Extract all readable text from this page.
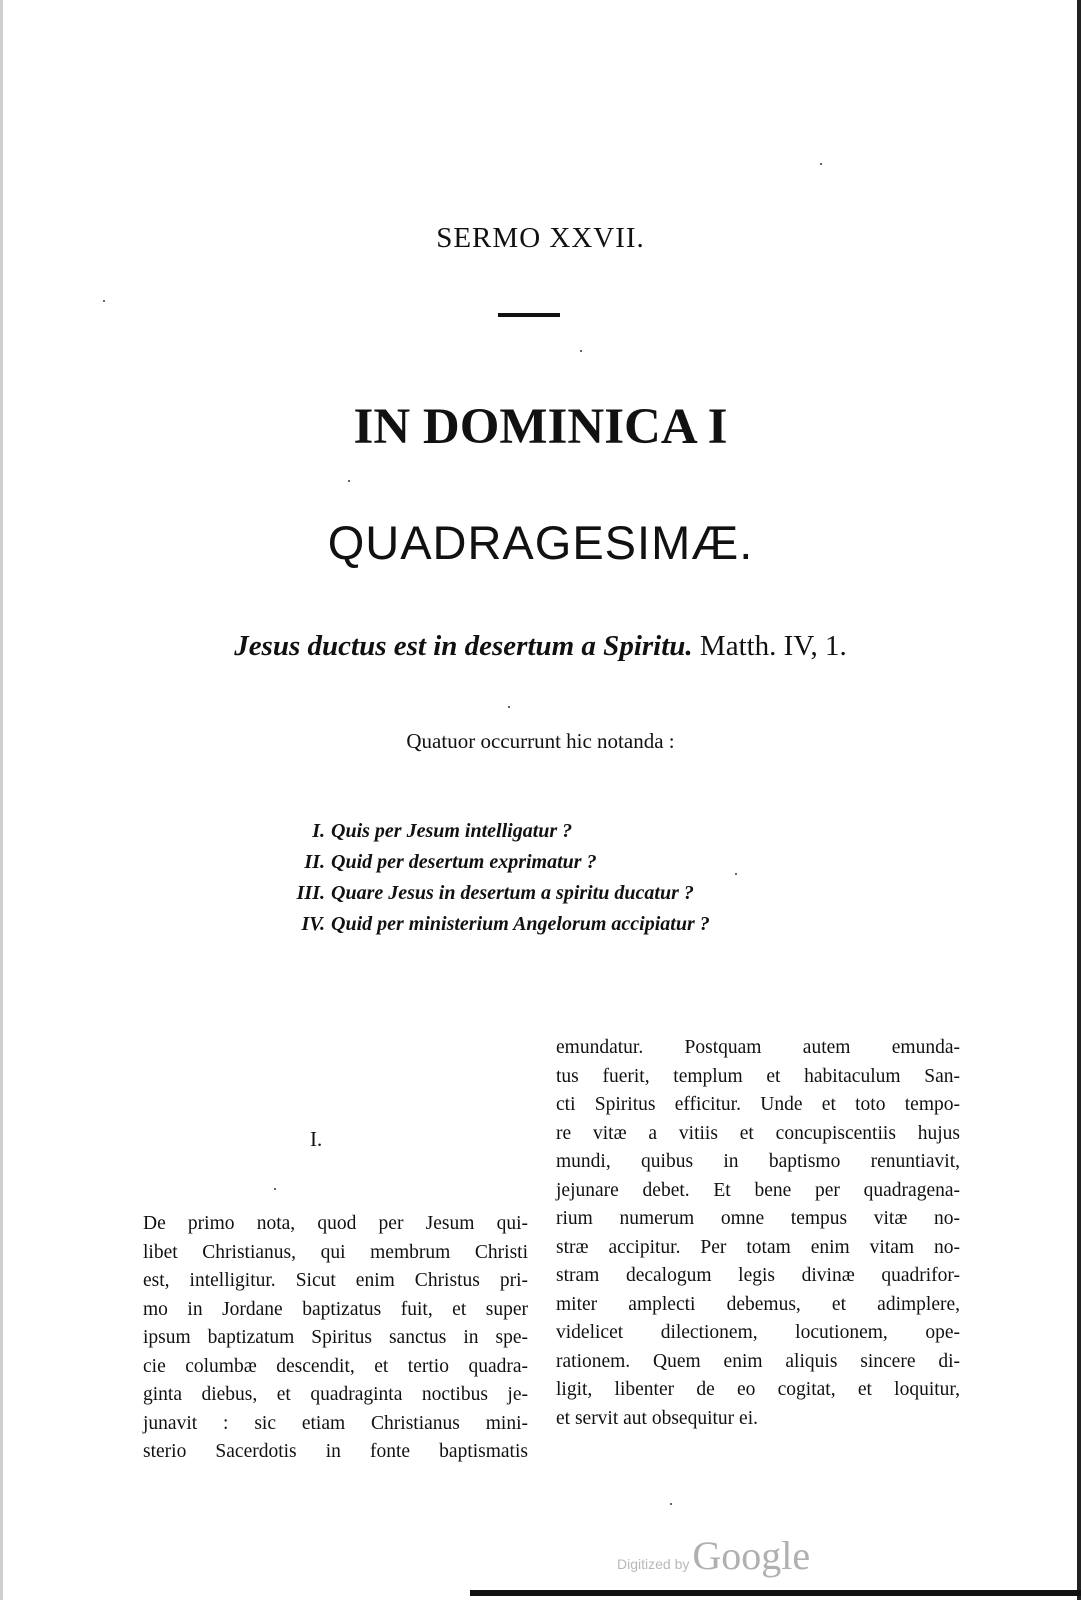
SERMO XXVII.
IN DOMINICA I
QUADRAGESIMÆ.
Jesus ductus est in desertum a Spiritu. Matth. IV, 1.
Quatuor occurrunt hic notanda :
I. Quis per Jesum intelligatur ?
II. Quid per desertum exprimatur ?
III. Quare Jesus in desertum a spiritu ducatur ?
IV. Quid per ministerium Angelorum accipiatur ?
I.
De primo nota, quod per Jesum qui-
libet Christianus, qui membrum Christi
est, intelligitur. Sicut enim Christus pri-
mo in Jordane baptizatus fuit, et super
ipsum baptizatum Spiritus sanctus in spe-
cie columbæ descendit, et tertio quadra-
ginta diebus, et quadraginta noctibus je-
junavit : sic etiam Christianus mini-
sterio Sacerdotis in fonte baptismatis
emundatur. Postquam autem emunda-
tus fuerit, templum et habitaculum San-
cti Spiritus efficitur. Unde et toto tempo-
re vitæ a vitiis et concupiscentiis hujus
mundi, quibus in baptismo renuntiavit,
jejunare debet. Et bene per quadragena-
rium numerum omne tempus vitæ no-
stræ accipitur. Per totam enim vitam no-
stram decalogum legis divinæ quadrifor-
miter amplecti debemus, et adimplere,
videlicet dilectionem, locutionem, ope-
rationem. Quem enim aliquis sincere di-
ligit, libenter de eo cogitat, et loquitur,
et servit aut obsequitur ei.
Digitized by Google
